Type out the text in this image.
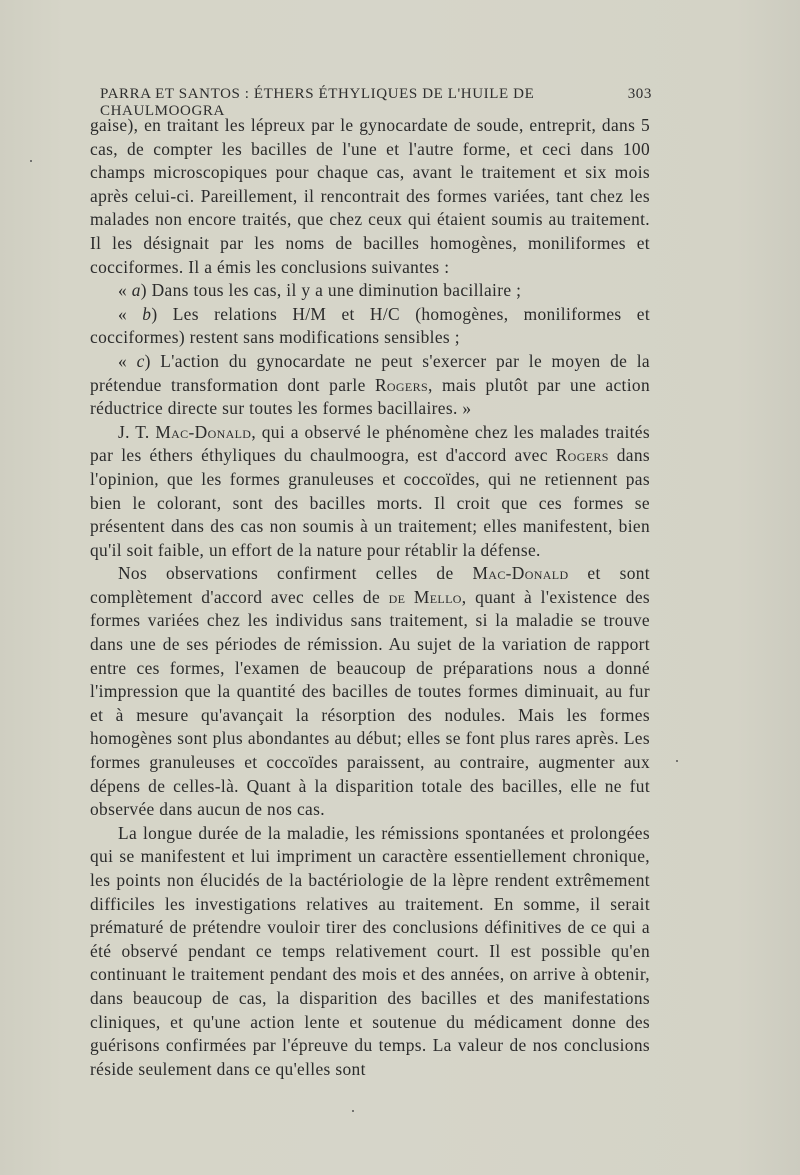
PARRA ET SANTOS : ÉTHERS ÉTHYLIQUES DE L'HUILE DE CHAULMOOGRA
303

gaise), en traitant les lépreux par le gynocardate de soude, entreprit, dans 5 cas, de compter les bacilles de l'une et l'autre forme, et ceci dans 100 champs microscopiques pour chaque cas, avant le traitement et six mois après celui-ci. Pareillement, il rencontrait des formes variées, tant chez les malades non encore traités, que chez ceux qui étaient soumis au traitement. Il les désignait par les noms de bacilles homogènes, moniliformes et cocciformes. Il a émis les conclusions suivantes :

« a) Dans tous les cas, il y a une diminution bacillaire ;

« b) Les relations H/M et H/C (homogènes, moniliformes et cocciformes) restent sans modifications sensibles ;

« c) L'action du gynocardate ne peut s'exercer par le moyen de la prétendue transformation dont parle Rogers, mais plutôt par une action réductrice directe sur toutes les formes bacillaires. »

J. T. Mac-Donald, qui a observé le phénomène chez les malades traités par les éthers éthyliques du chaulmoogra, est d'accord avec Rogers dans l'opinion, que les formes granuleuses et coccoïdes, qui ne retiennent pas bien le colorant, sont des bacilles morts. Il croit que ces formes se présentent dans des cas non soumis à un traitement; elles manifestent, bien qu'il soit faible, un effort de la nature pour rétablir la défense.

Nos observations confirment celles de Mac-Donald et sont complètement d'accord avec celles de de Mello, quant à l'existence des formes variées chez les individus sans traitement, si la maladie se trouve dans une de ses périodes de rémission. Au sujet de la variation de rapport entre ces formes, l'examen de beaucoup de préparations nous a donné l'impression que la quantité des bacilles de toutes formes diminuait, au fur et à mesure qu'avançait la résorption des nodules. Mais les formes homogènes sont plus abondantes au début; elles se font plus rares après. Les formes granuleuses et coccoïdes paraissent, au contraire, augmenter aux dépens de celles-là. Quant à la disparition totale des bacilles, elle ne fut observée dans aucun de nos cas.

La longue durée de la maladie, les rémissions spontanées et prolongées qui se manifestent et lui impriment un caractère essentiellement chronique, les points non élucidés de la bactériologie de la lèpre rendent extrêmement difficiles les investigations relatives au traitement. En somme, il serait prématuré de prétendre vouloir tirer des conclusions définitives de ce qui a été observé pendant ce temps relativement court. Il est possible qu'en continuant le traitement pendant des mois et des années, on arrive à obtenir, dans beaucoup de cas, la disparition des bacilles et des manifestations cliniques, et qu'une action lente et soutenue du médicament donne des guérisons confirmées par l'épreuve du temps. La valeur de nos conclusions réside seulement dans ce qu'elles sont
